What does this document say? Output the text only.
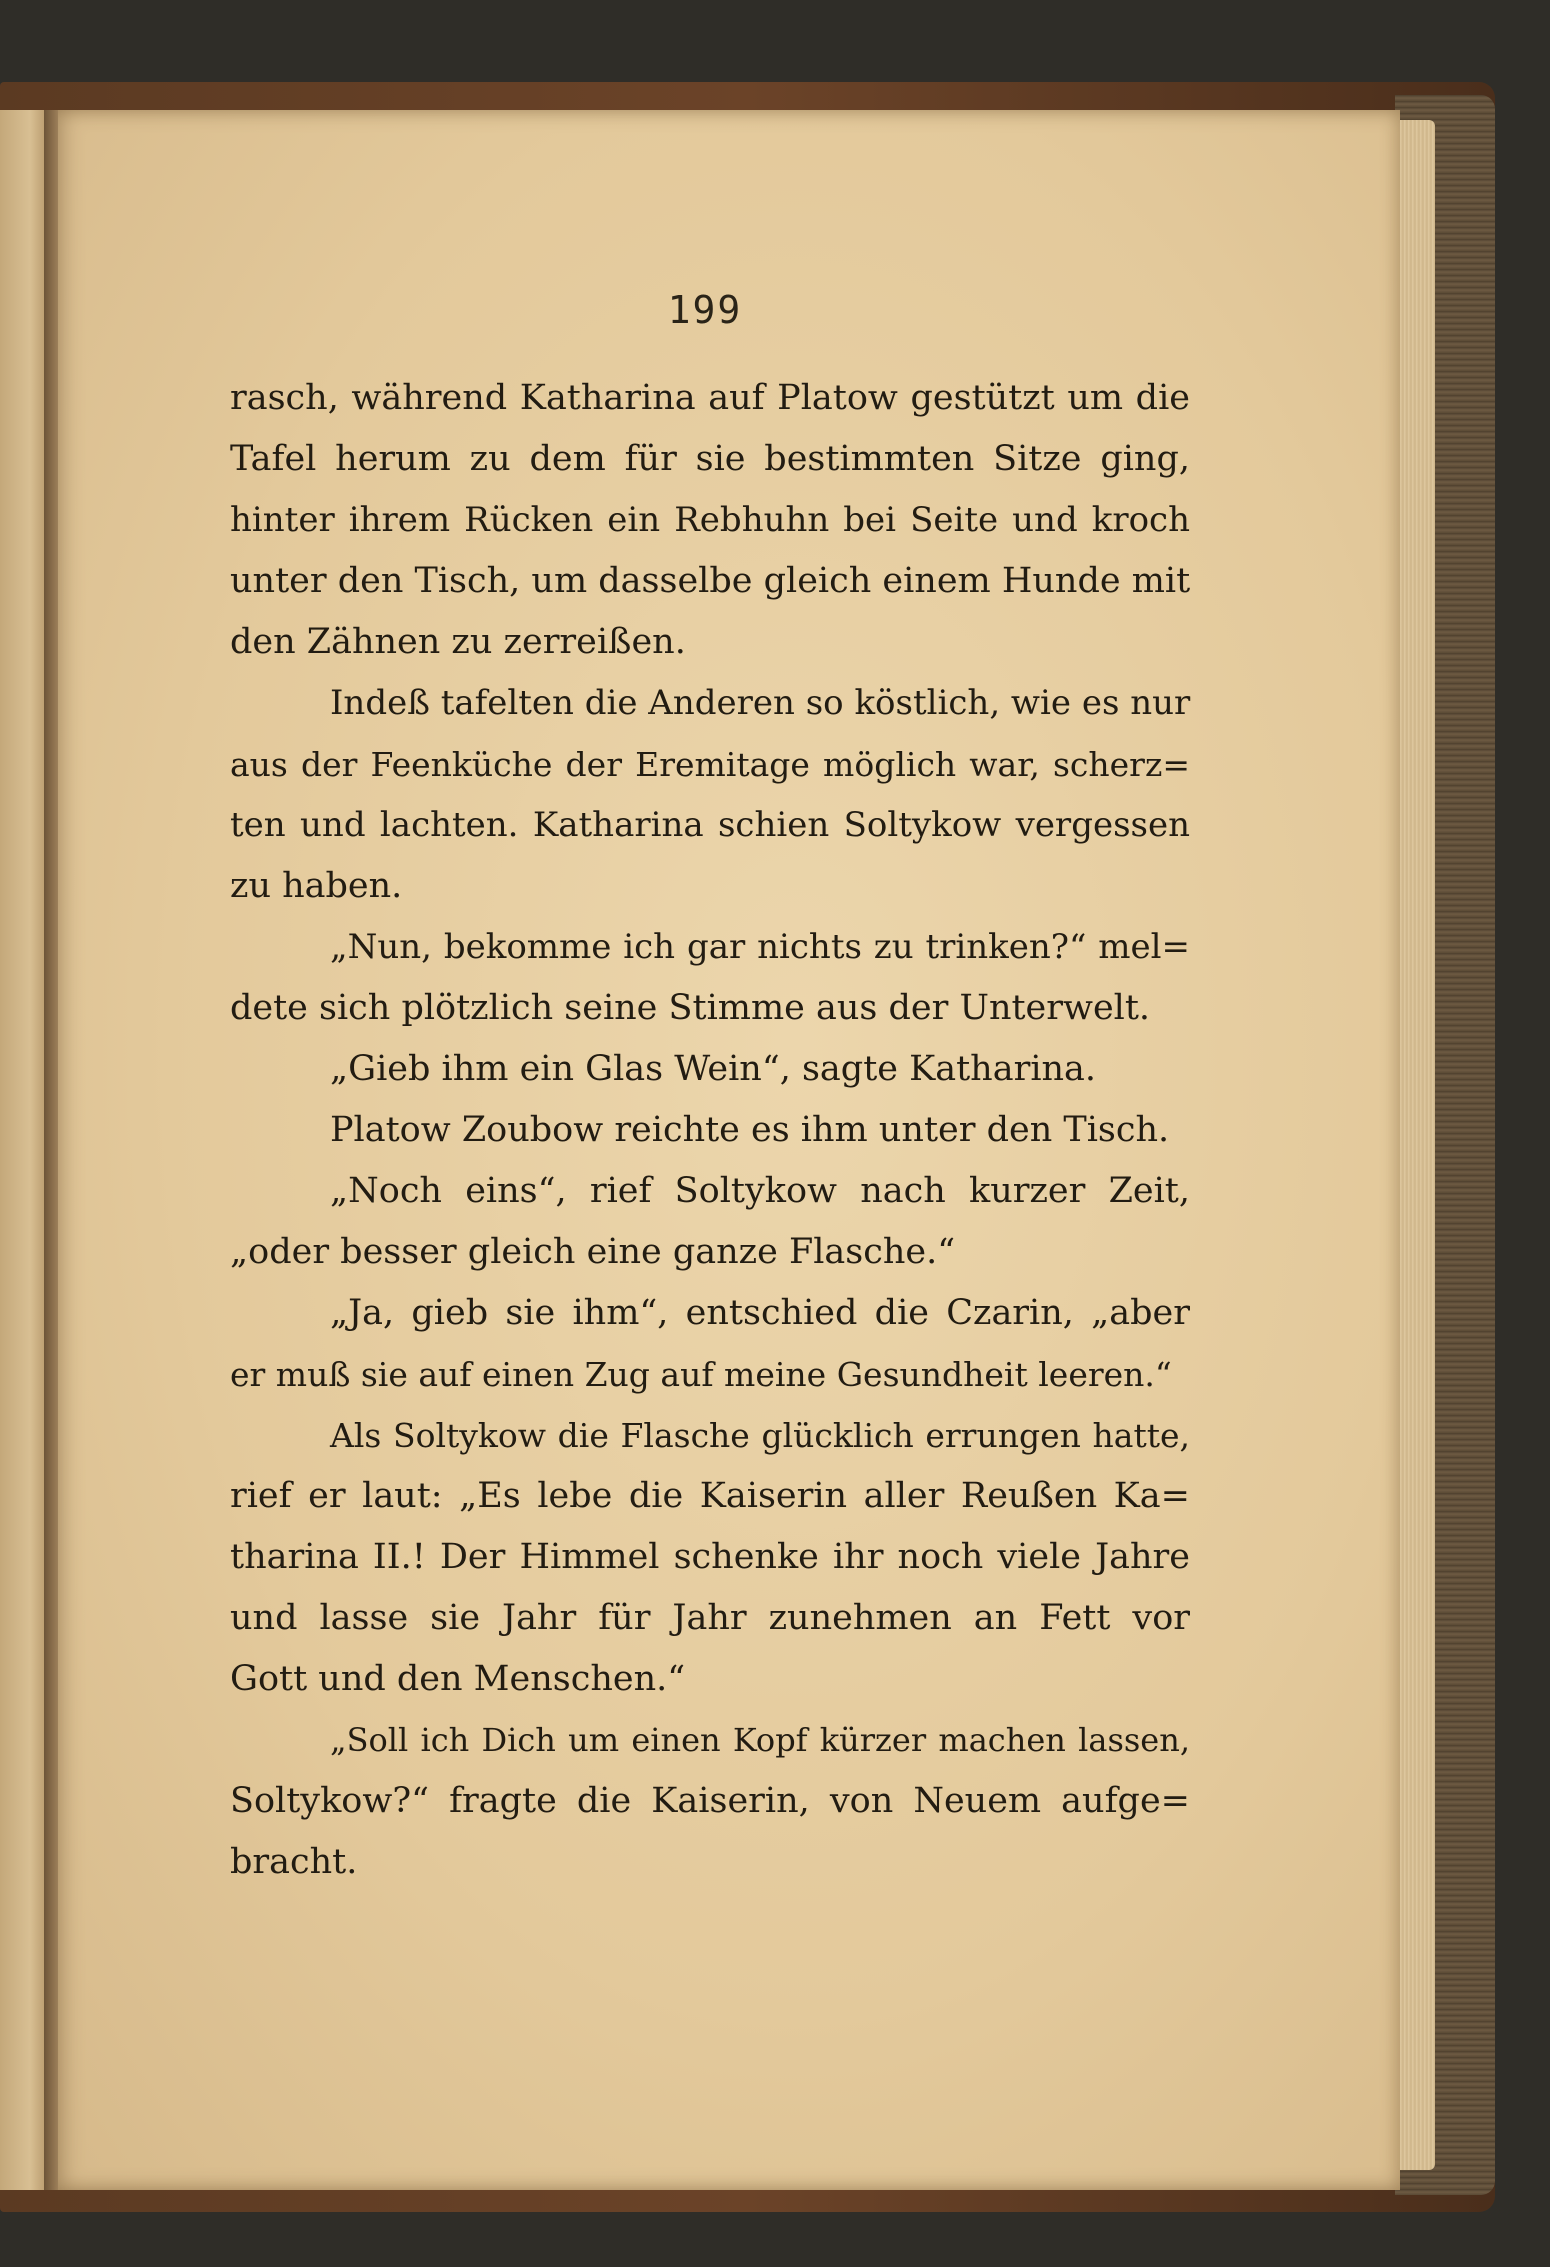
199
rasch, während Katharina auf Platow gestützt um die
Tafel herum zu dem für sie bestimmten Sitze ging,
hinter ihrem Rücken ein Rebhuhn bei Seite und kroch
unter den Tisch, um dasselbe gleich einem Hunde mit
den Zähnen zu zerreißen.
Indeß tafelten die Anderen so köstlich, wie es nur
aus der Feenküche der Eremitage möglich war, scherz=
ten und lachten. Katharina schien Soltykow vergessen
zu haben.
„Nun, bekomme ich gar nichts zu trinken?“ mel=
dete sich plötzlich seine Stimme aus der Unterwelt.
„Gieb ihm ein Glas Wein“, sagte Katharina.
Platow Zoubow reichte es ihm unter den Tisch.
„Noch eins“, rief Soltykow nach kurzer Zeit,
„oder besser gleich eine ganze Flasche.“
„Ja, gieb sie ihm“, entschied die Czarin, „aber
er muß sie auf einen Zug auf meine Gesundheit leeren.“
Als Soltykow die Flasche glücklich errungen hatte,
rief er laut: „Es lebe die Kaiserin aller Reußen Ka=
tharina II.! Der Himmel schenke ihr noch viele Jahre
und lasse sie Jahr für Jahr zunehmen an Fett vor
Gott und den Menschen.“
„Soll ich Dich um einen Kopf kürzer machen lassen,
Soltykow?“ fragte die Kaiserin, von Neuem aufge=
bracht.
